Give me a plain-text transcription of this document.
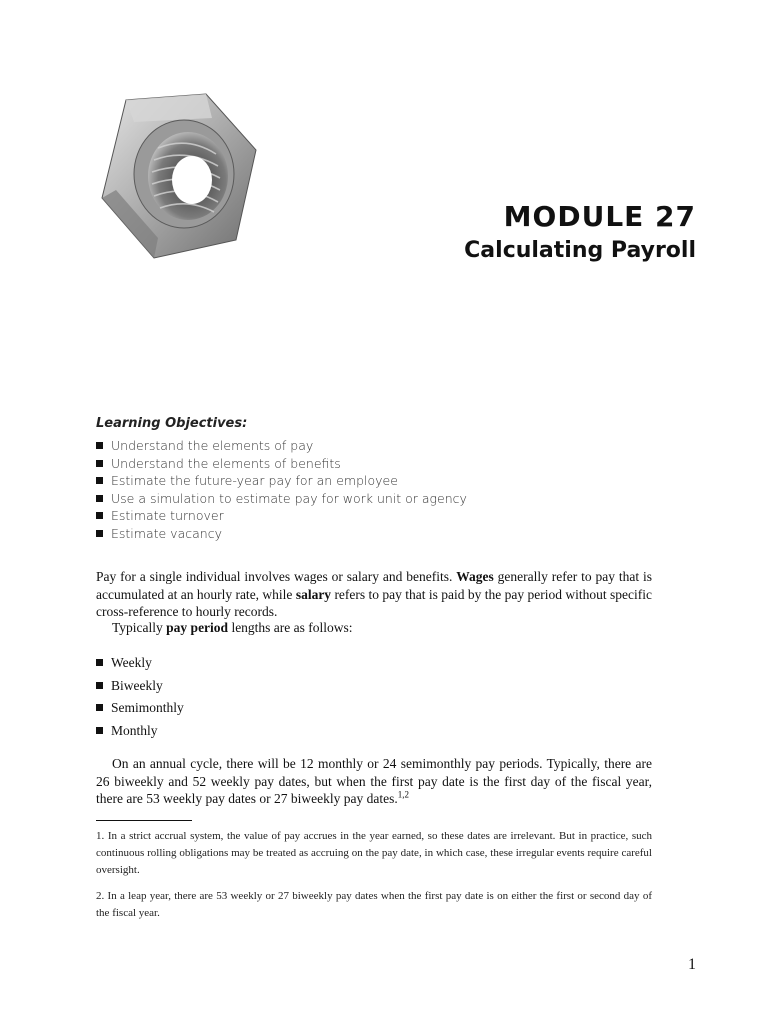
MODULE 27
Calculating Payroll
Learning Objectives:
Understand the elements of pay
Understand the elements of benefits
Estimate the future-year pay for an employee
Use a simulation to estimate pay for work unit or agency
Estimate turnover
Estimate vacancy

Pay for a single individual involves wages or salary and benefits. Wages generally refer to pay that is accumulated at an hourly rate, while salary refers to pay that is paid by the pay period without specific cross-reference to hourly records.

Typically pay period lengths are as follows:

Weekly
Biweekly
Semimonthly
Monthly

On an annual cycle, there will be 12 monthly or 24 semimonthly pay periods. Typically, there are 26 biweekly and 52 weekly pay dates, but when the first pay date is the first day of the fiscal year, there are 53 weekly pay dates or 27 biweekly pay dates.$^{1,2}$

1. In a strict accrual system, the value of pay accrues in the year earned, so these dates are irrelevant. But in practice, such continuous rolling obligations may be treated as accruing on the pay date, in which case, these irregular events require careful oversight.

2. In a leap year, there are 53 weekly or 27 biweekly pay dates when the first pay date is on either the first or second day of the fiscal year.

1
